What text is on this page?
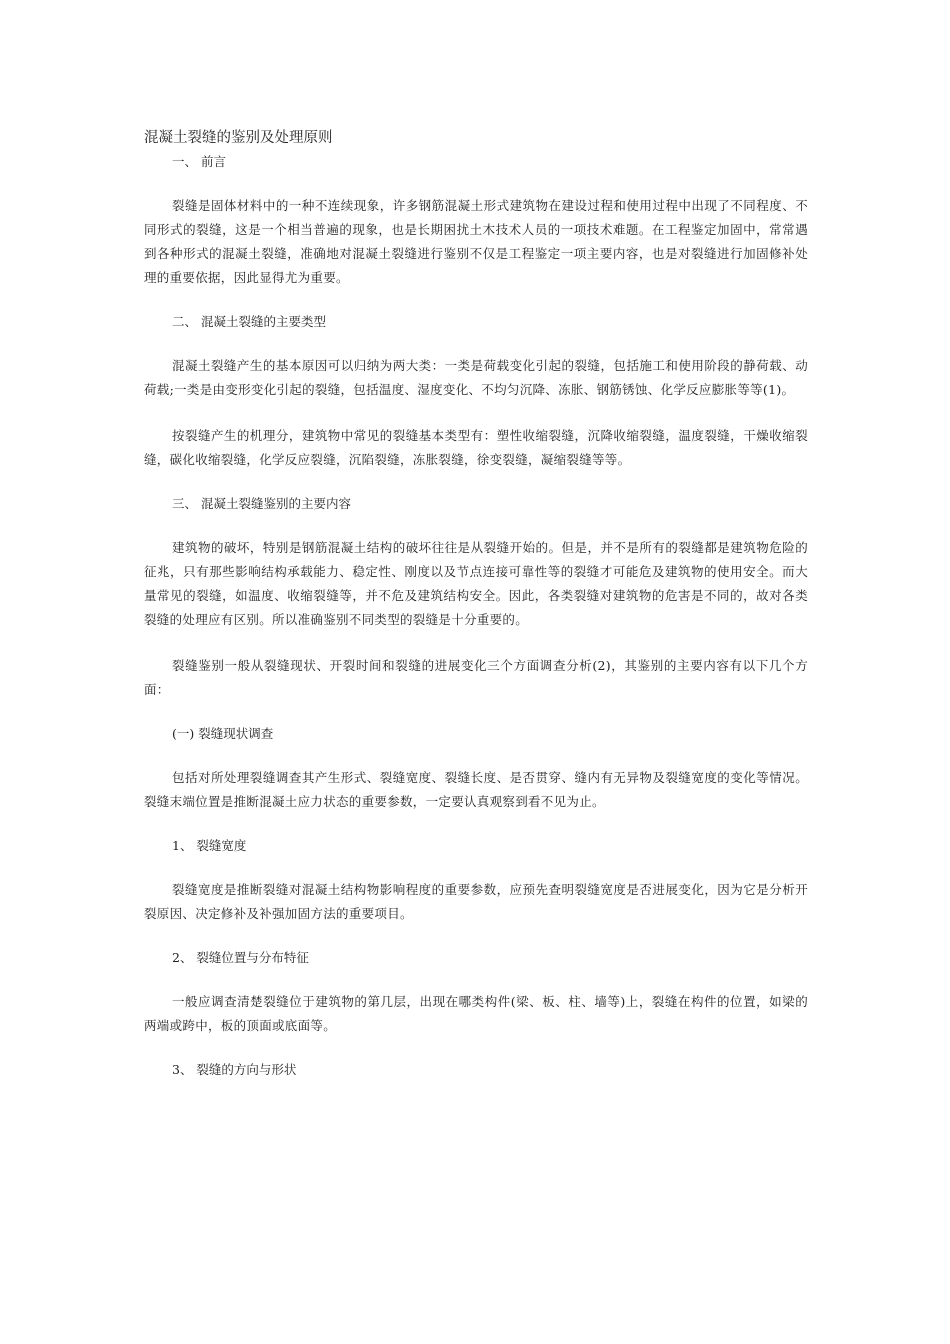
混凝土裂缝的鉴别及处理原则

一、 前言

裂缝是固体材料中的一种不连续现象，许多钢筋混凝土形式建筑物在建设过程和使用过程中出现了不同程度、不同形式的裂缝，这是一个相当普遍的现象，也是长期困扰土木技术人员的一项技术难题。在工程鉴定加固中，常常遇到各种形式的混凝土裂缝，准确地对混凝土裂缝进行鉴别不仅是工程鉴定一项主要内容，也是对裂缝进行加固修补处理的重要依据，因此显得尤为重要。

二、 混凝土裂缝的主要类型

混凝土裂缝产生的基本原因可以归纳为两大类：一类是荷载变化引起的裂缝，包括施工和使用阶段的静荷载、动荷载;一类是由变形变化引起的裂缝，包括温度、湿度变化、不均匀沉降、冻胀、钢筋锈蚀、化学反应膨胀等等(1)。

按裂缝产生的机理分，建筑物中常见的裂缝基本类型有：塑性收缩裂缝，沉降收缩裂缝，温度裂缝，干燥收缩裂缝，碳化收缩裂缝，化学反应裂缝，沉陷裂缝，冻胀裂缝，徐变裂缝，凝缩裂缝等等。

三、 混凝土裂缝鉴别的主要内容

建筑物的破坏，特别是钢筋混凝土结构的破坏往往是从裂缝开始的。但是，并不是所有的裂缝都是建筑物危险的征兆，只有那些影响结构承载能力、稳定性、刚度以及节点连接可靠性等的裂缝才可能危及建筑物的使用安全。而大量常见的裂缝，如温度、收缩裂缝等，并不危及建筑结构安全。因此，各类裂缝对建筑物的危害是不同的，故对各类裂缝的处理应有区别。所以准确鉴别不同类型的裂缝是十分重要的。

裂缝鉴别一般从裂缝现状、开裂时间和裂缝的进展变化三个方面调查分析(2)，其鉴别的主要内容有以下几个方面：

(一) 裂缝现状调查

包括对所处理裂缝调查其产生形式、裂缝宽度、裂缝长度、是否贯穿、缝内有无异物及裂缝宽度的变化等情况。裂缝末端位置是推断混凝土应力状态的重要参数，一定要认真观察到看不见为止。

1、 裂缝宽度

裂缝宽度是推断裂缝对混凝土结构物影响程度的重要参数，应预先查明裂缝宽度是否进展变化，因为它是分析开裂原因、决定修补及补强加固方法的重要项目。

2、 裂缝位置与分布特征

一般应调查清楚裂缝位于建筑物的第几层，出现在哪类构件(梁、板、柱、墙等)上，裂缝在构件的位置，如梁的两端或跨中，板的顶面或底面等。

3、 裂缝的方向与形状
